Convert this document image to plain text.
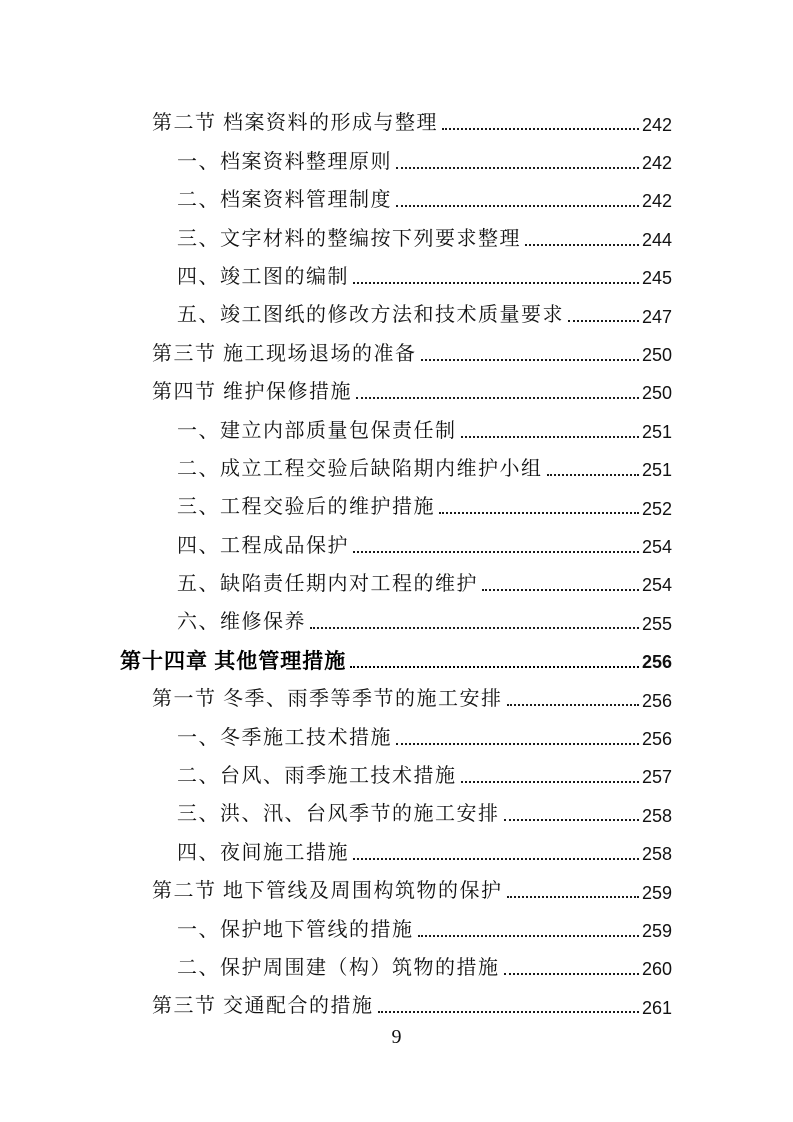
第二节 档案资料的形成与整理	242
一、档案资料整理原则	242
二、档案资料管理制度	242
三、文字材料的整编按下列要求整理	244
四、竣工图的编制	245
五、竣工图纸的修改方法和技术质量要求	247
第三节 施工现场退场的准备	250
第四节 维护保修措施	250
一、建立内部质量包保责任制	251
二、成立工程交验后缺陷期内维护小组	251
三、工程交验后的维护措施	252
四、工程成品保护	254
五、缺陷责任期内对工程的维护	254
六、维修保养	255
第十四章 其他管理措施	256
第一节 冬季、雨季等季节的施工安排	256
一、冬季施工技术措施	256
二、台风、雨季施工技术措施	257
三、洪、汛、台风季节的施工安排	258
四、夜间施工措施	258
第二节 地下管线及周围构筑物的保护	259
一、保护地下管线的措施	259
二、保护周围建（构）筑物的措施	260
第三节 交通配合的措施	261
9
